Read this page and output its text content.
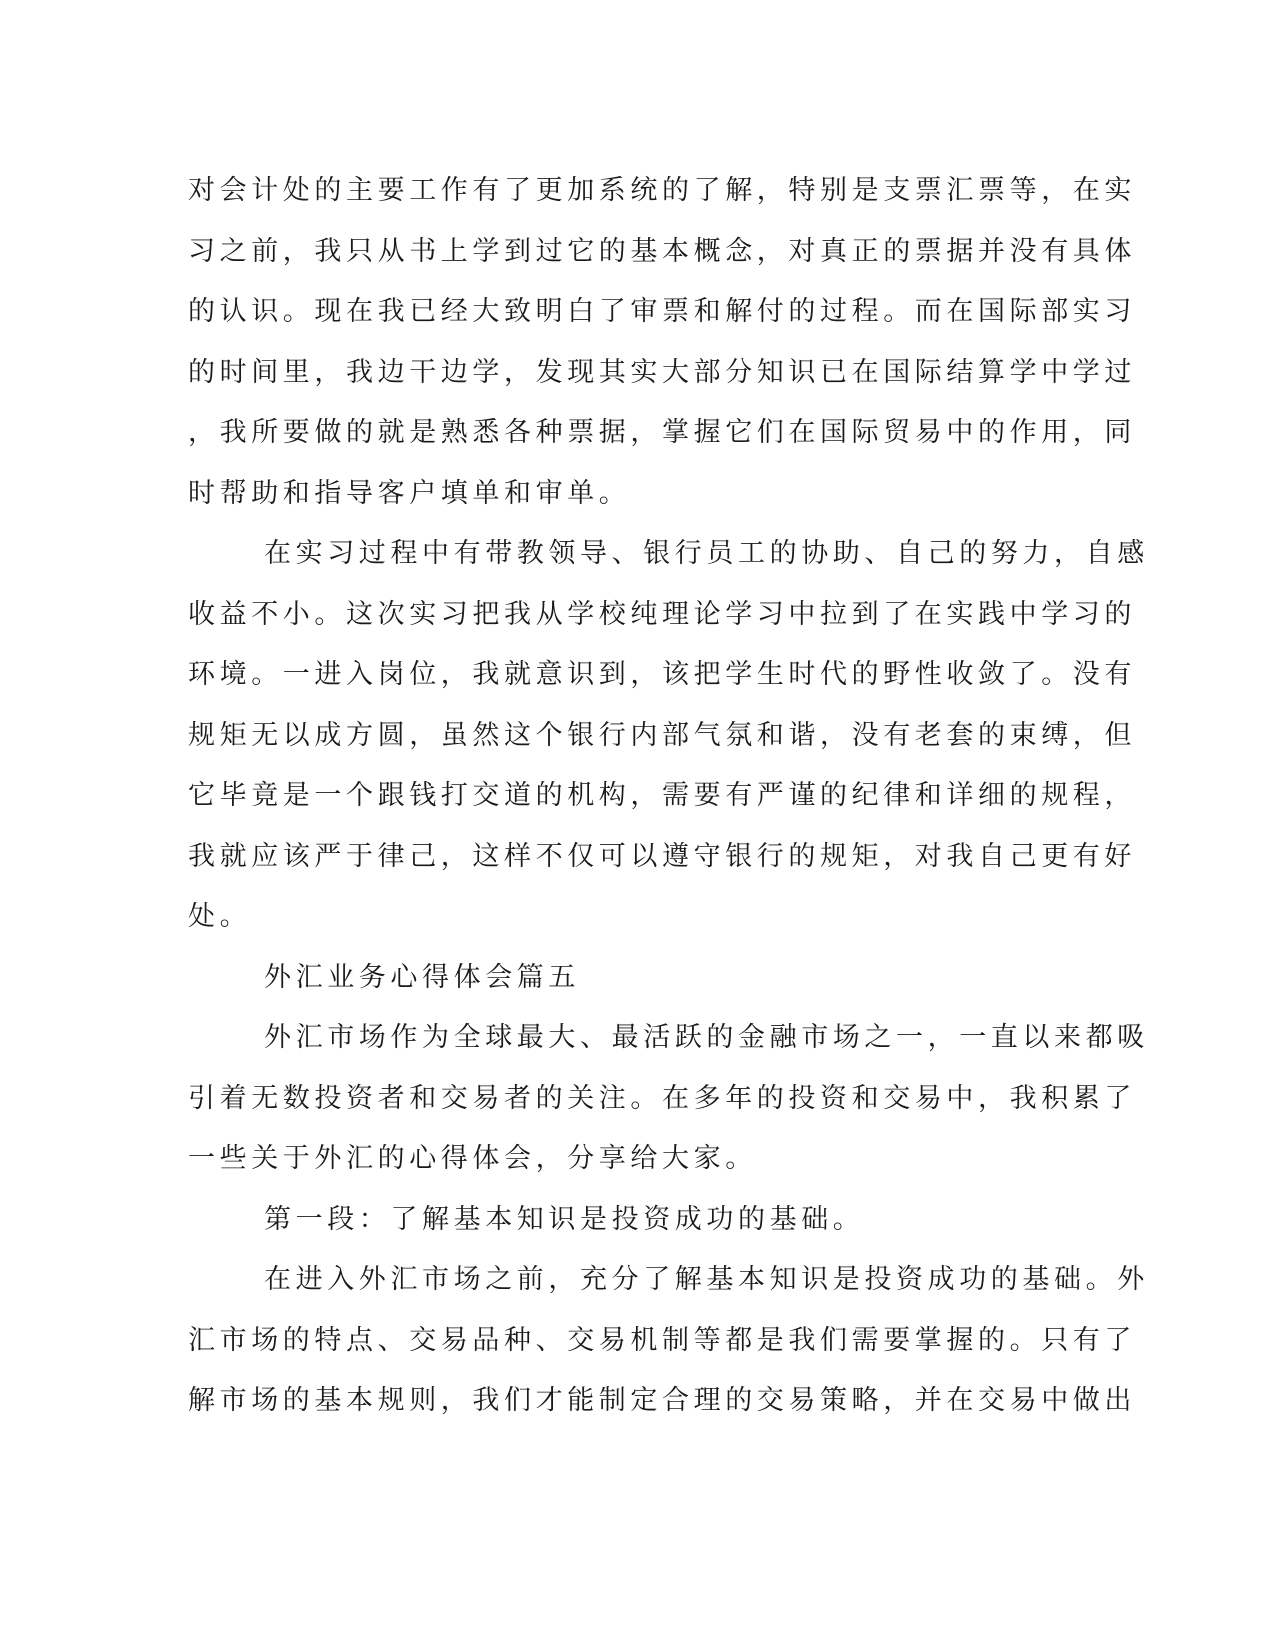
对会计处的主要工作有了更加系统的了解，特别是支票汇票等，在实
习之前，我只从书上学到过它的基本概念，对真正的票据并没有具体
的认识。现在我已经大致明白了审票和解付的过程。而在国际部实习
的时间里，我边干边学，发现其实大部分知识已在国际结算学中学过
，我所要做的就是熟悉各种票据，掌握它们在国际贸易中的作用，同
时帮助和指导客户填单和审单。
在实习过程中有带教领导、银行员工的协助、自己的努力，自感
收益不小。这次实习把我从学校纯理论学习中拉到了在实践中学习的
环境。一进入岗位，我就意识到，该把学生时代的野性收敛了。没有
规矩无以成方圆，虽然这个银行内部气氛和谐，没有老套的束缚，但
它毕竟是一个跟钱打交道的机构，需要有严谨的纪律和详细的规程，
我就应该严于律己，这样不仅可以遵守银行的规矩，对我自己更有好
处。
外汇业务心得体会篇五
外汇市场作为全球最大、最活跃的金融市场之一，一直以来都吸
引着无数投资者和交易者的关注。在多年的投资和交易中，我积累了
一些关于外汇的心得体会，分享给大家。
第一段：了解基本知识是投资成功的基础。
在进入外汇市场之前，充分了解基本知识是投资成功的基础。外
汇市场的特点、交易品种、交易机制等都是我们需要掌握的。只有了
解市场的基本规则，我们才能制定合理的交易策略，并在交易中做出
